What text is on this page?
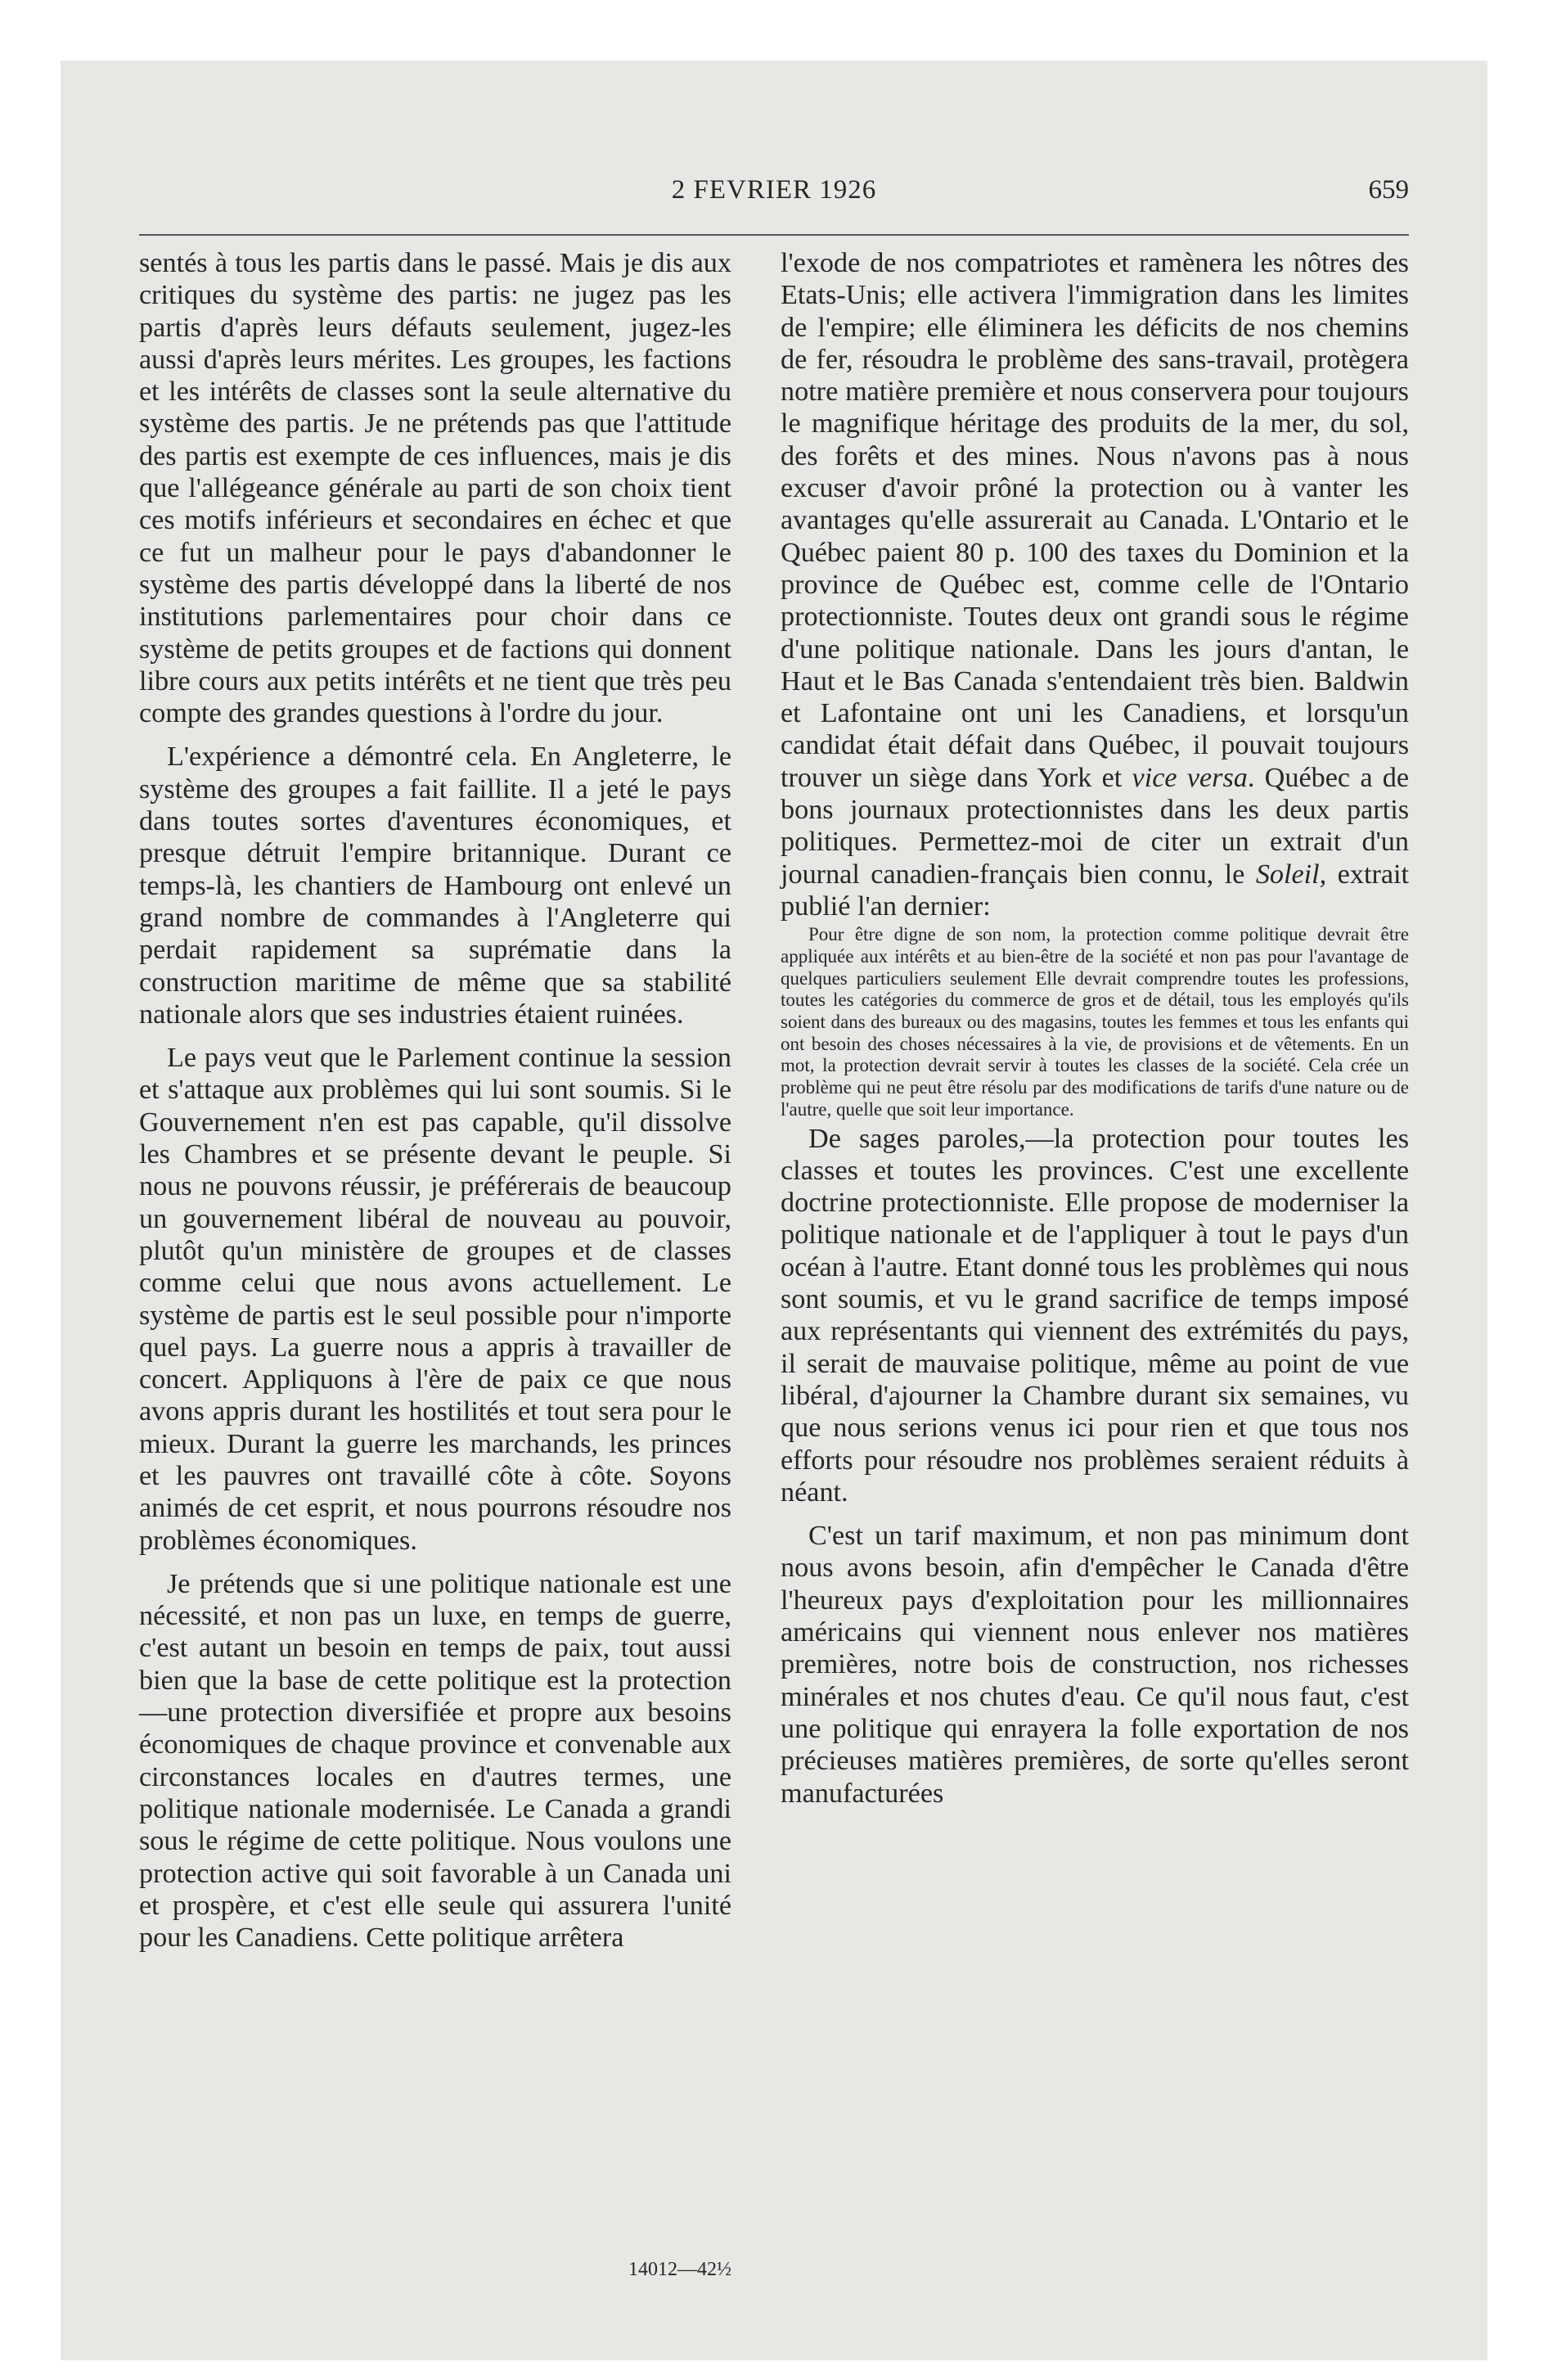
2 FEVRIER 1926	659

sentés à tous les partis dans le passé. Mais je dis aux critiques du système des partis: ne jugez pas les partis d'après leurs défauts seulement, jugez-les aussi d'après leurs mérites. Les groupes, les factions et les intérêts de classes sont la seule alternative du système des partis. Je ne prétends pas que l'attitude des partis est exempte de ces influences, mais je dis que l'allégeance générale au parti de son choix tient ces motifs inférieurs et secondaires en échec et que ce fut un malheur pour le pays d'abandonner le système des partis développé dans la liberté de nos institutions parlementaires pour choir dans ce système de petits groupes et de factions qui donnent libre cours aux petits intérêts et ne tient que très peu compte des grandes questions à l'ordre du jour.

L'expérience a démontré cela. En Angleterre, le système des groupes a fait faillite. Il a jeté le pays dans toutes sortes d'aventures économiques, et presque détruit l'empire britannique. Durant ce temps-là, les chantiers de Hambourg ont enlevé un grand nombre de commandes à l'Angleterre qui perdait rapidement sa suprématie dans la construction maritime de même que sa stabilité nationale alors que ses industries étaient ruinées.

Le pays veut que le Parlement continue la session et s'attaque aux problèmes qui lui sont soumis. Si le Gouvernement n'en est pas capable, qu'il dissolve les Chambres et se présente devant le peuple. Si nous ne pouvons réussir, je préférerais de beaucoup un gouvernement libéral de nouveau au pouvoir, plutôt qu'un ministère de groupes et de classes comme celui que nous avons actuellement. Le système de partis est le seul possible pour n'importe quel pays. La guerre nous a appris à travailler de concert. Appliquons à l'ère de paix ce que nous avons appris durant les hostilités et tout sera pour le mieux. Durant la guerre les marchands, les princes et les pauvres ont travaillé côte à côte. Soyons animés de cet esprit, et nous pourrons résoudre nos problèmes économiques.

Je prétends que si une politique nationale est une nécessité, et non pas un luxe, en temps de guerre, c'est autant un besoin en temps de paix, tout aussi bien que la base de cette politique est la protection—une protection diversifiée et propre aux besoins économiques de chaque province et convenable aux circonstances locales en d'autres termes, une politique nationale modernisée. Le Canada a grandi sous le régime de cette politique. Nous voulons une protection active qui soit favorable à un Canada uni et prospère, et c'est elle seule qui assurera l'unité pour les Canadiens. Cette politique arrêtera

l'exode de nos compatriotes et ramènera les nôtres des Etats-Unis; elle activera l'immigration dans les limites de l'empire; elle éliminera les déficits de nos chemins de fer, résoudra le problème des sans-travail, protègera notre matière première et nous conservera pour toujours le magnifique héritage des produits de la mer, du sol, des forêts et des mines. Nous n'avons pas à nous excuser d'avoir prôné la protection ou à vanter les avantages qu'elle assurerait au Canada. L'Ontario et le Québec paient 80 p. 100 des taxes du Dominion et la province de Québec est, comme celle de l'Ontario protectionniste. Toutes deux ont grandi sous le régime d'une politique nationale. Dans les jours d'antan, le Haut et le Bas Canada s'entendaient très bien. Baldwin et Lafontaine ont uni les Canadiens, et lorsqu'un candidat était défait dans Québec, il pouvait toujours trouver un siège dans York et vice versa. Québec a de bons journaux protectionnistes dans les deux partis politiques. Permettez-moi de citer un extrait d'un journal canadien-français bien connu, le Soleil, extrait publié l'an dernier:

Pour être digne de son nom, la protection comme politique devrait être appliquée aux intérêts et au bien-être de la société et non pas pour l'avantage de quelques particuliers seulement Elle devrait comprendre toutes les professions, toutes les catégories du commerce de gros et de détail, tous les employés qu'ils soient dans des bureaux ou des magasins, toutes les femmes et tous les enfants qui ont besoin des choses nécessaires à la vie, de provisions et de vêtements. En un mot, la protection devrait servir à toutes les classes de la société. Cela crée un problème qui ne peut être résolu par des modifications de tarifs d'une nature ou de l'autre, quelle que soit leur importance.

De sages paroles,—la protection pour toutes les classes et toutes les provinces. C'est une excellente doctrine protectionniste. Elle propose de moderniser la politique nationale et de l'appliquer à tout le pays d'un océan à l'autre. Etant donné tous les problèmes qui nous sont soumis, et vu le grand sacrifice de temps imposé aux représentants qui viennent des extrémités du pays, il serait de mauvaise politique, même au point de vue libéral, d'ajourner la Chambre durant six semaines, vu que nous serions venus ici pour rien et que tous nos efforts pour résoudre nos problèmes seraient réduits à néant.

C'est un tarif maximum, et non pas minimum dont nous avons besoin, afin d'empêcher le Canada d'être l'heureux pays d'exploitation pour les millionnaires américains qui viennent nous enlever nos matières premières, notre bois de construction, nos richesses minérales et nos chutes d'eau. Ce qu'il nous faut, c'est une politique qui enrayera la folle exportation de nos précieuses matières premières, de sorte qu'elles seront manufacturées

14012—42½
